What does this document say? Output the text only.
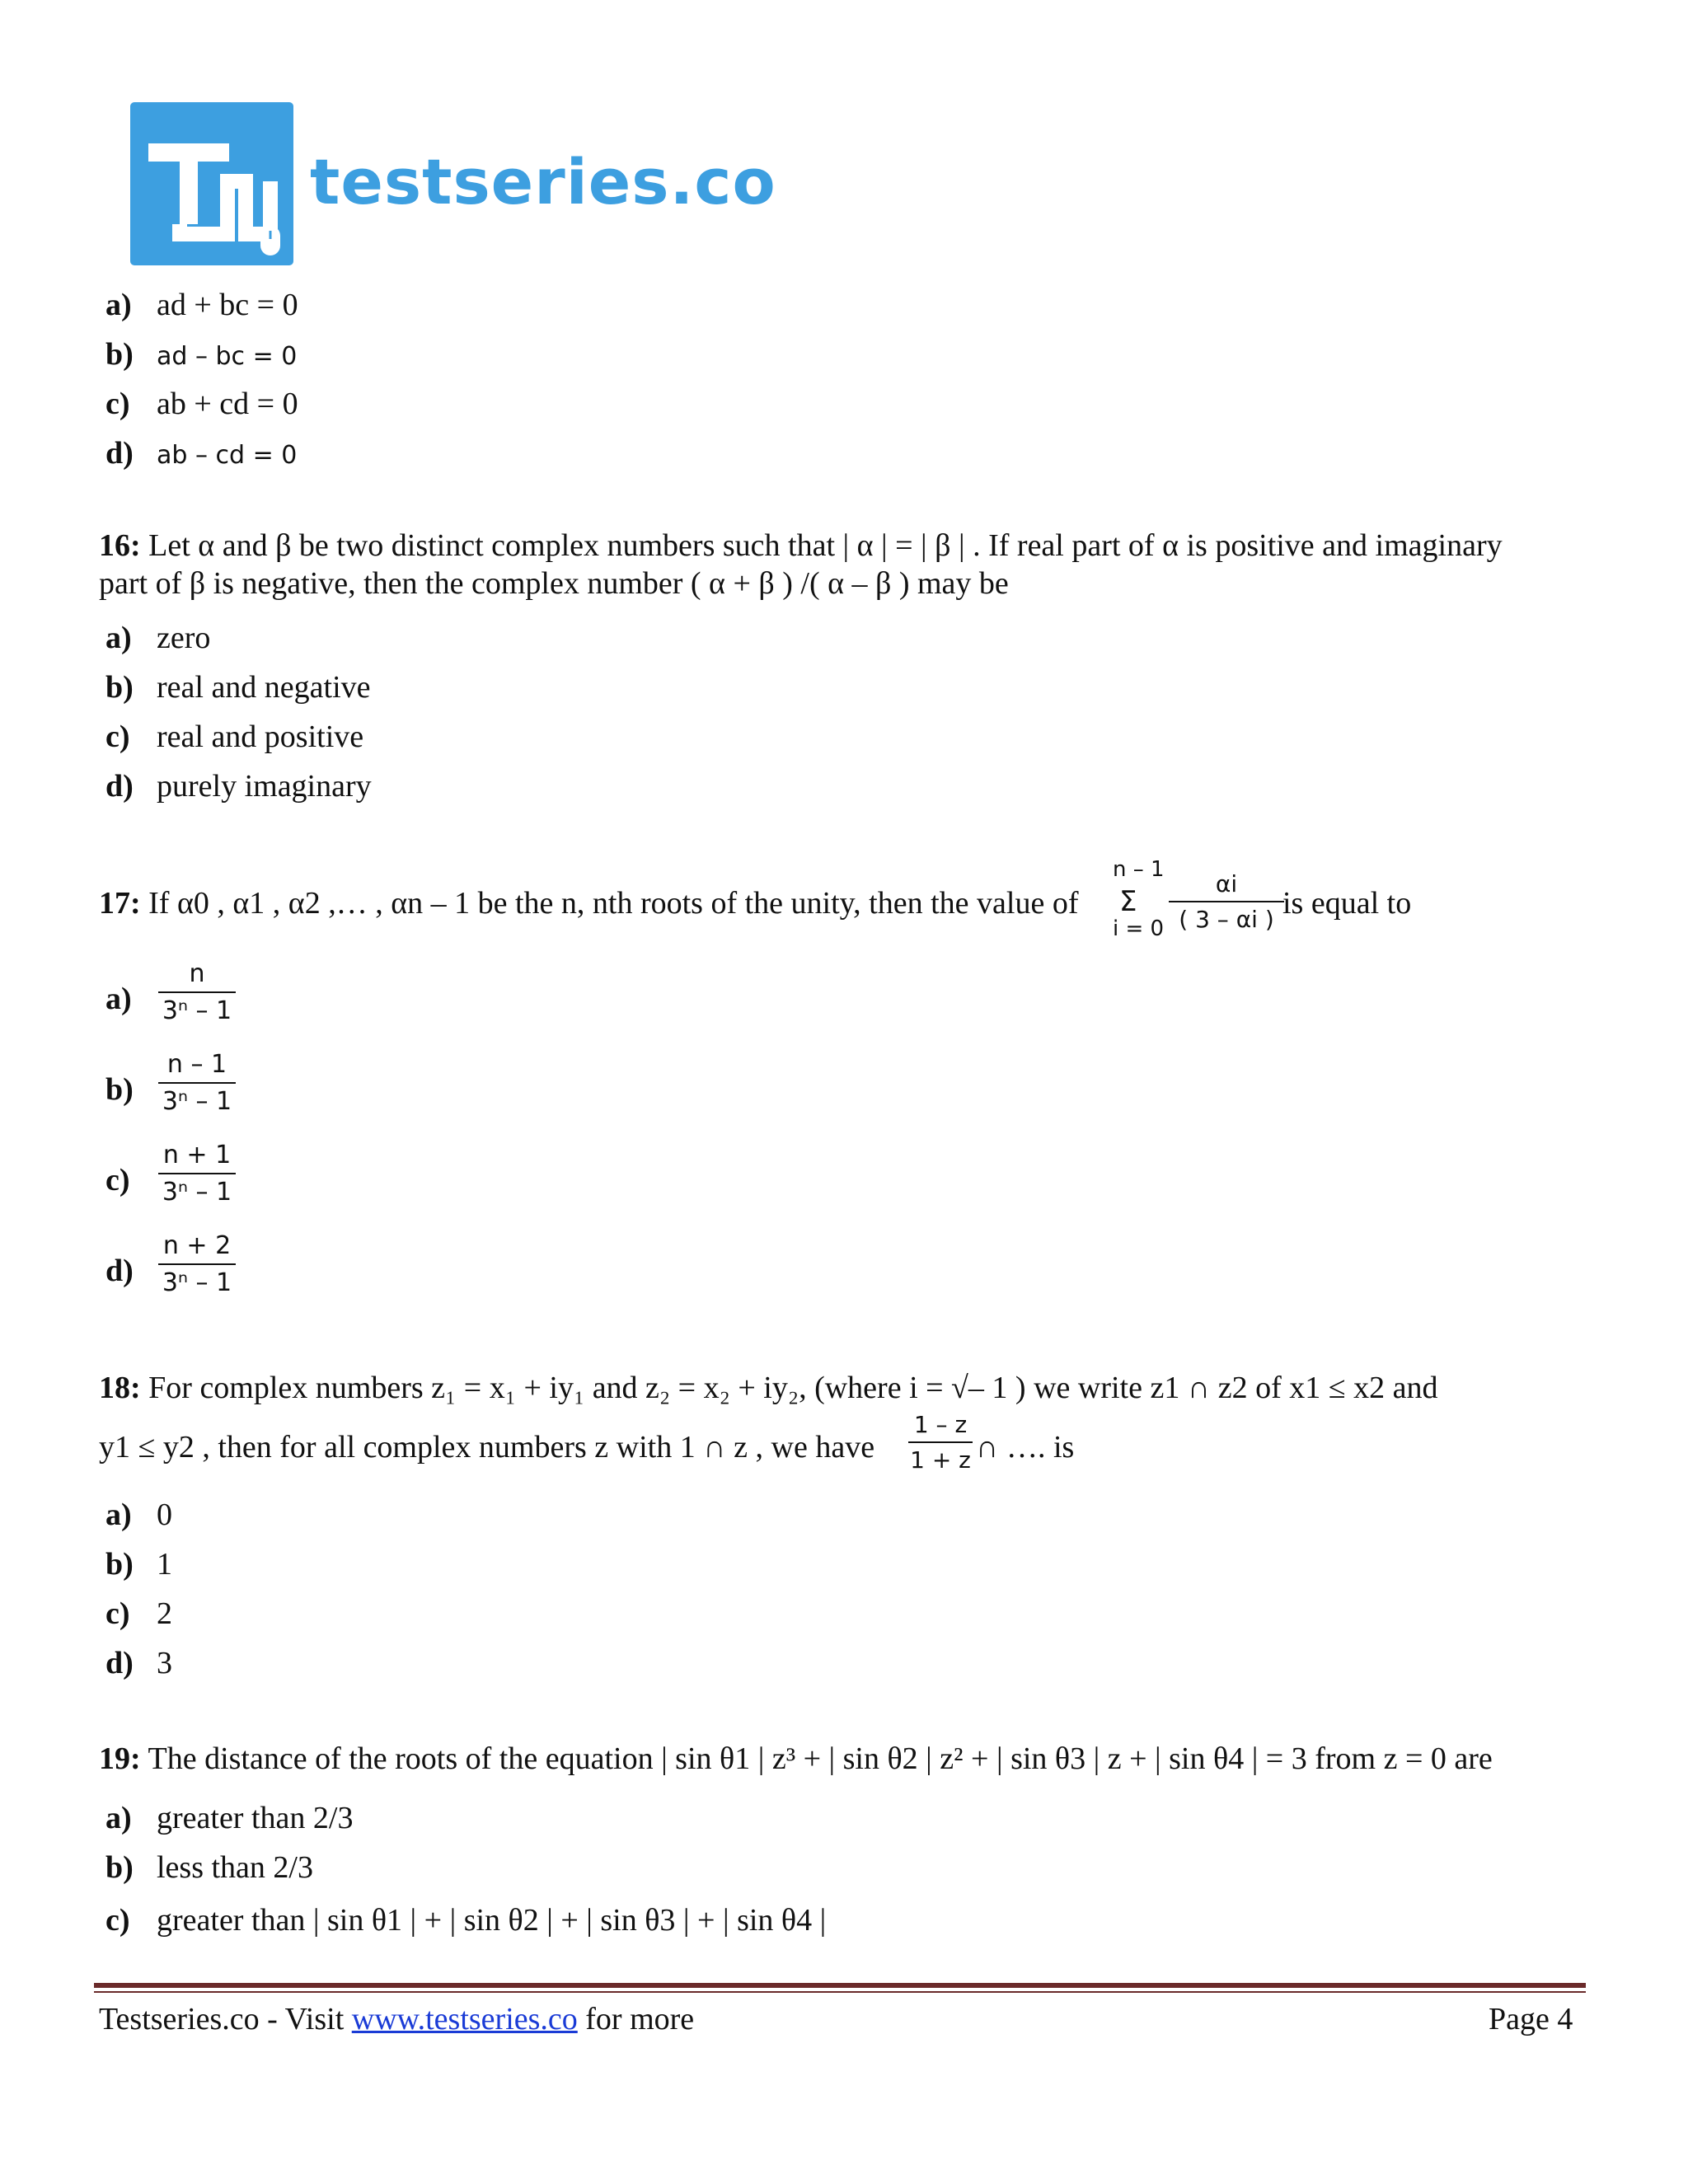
testseries.co
a) ad + bc = 0
b) ad – bc = 0
c) ab + cd = 0
d) ab – cd = 0
16: Let α and β be two distinct complex numbers such that | α | = | β | . If real part of α is positive and imaginary
part of β is negative, then the complex number ( α + β ) /( α – β ) may be
a) zero
b) real and negative
c) real and positive
d) purely imaginary
17: If α0 , α1 , α2 ,… , αn – 1 be the n, nth roots of the unity, then the value of
n – 1
Σ
$i = 0 \frac{\alpha i}{( 3 - \alpha i )}$
is equal to
a)	$\frac{n}{\text{3ⁿ – 1}}$
b)	$\frac{n - 1}{\text{3ⁿ – 1}}$
c)	$\frac{n + 1}{\text{3ⁿ – 1}}$
d)	$\frac{n + 2}{\text{3ⁿ – 1}}$
18: For complex numbers z₁ = x₁ + iy₁ and z₂ = x₂ + iy₂, (where i = √– 1 ) we write z1 ∩ z2 of x1 ≤ x2 and
y1 ≤ y2 , then for all complex numbers z with 1 ∩ z , we have $\frac{1 - z}{1 + z}$ ∩ …. is
a) 0
b) 1
c) 2
d) 3
19: The distance of the roots of the equation | sin θ1 | z³ + | sin θ2 | z² + | sin θ3 | z + | sin θ4 | = 3 from z = 0 are
a) greater than 2/3
b) less than 2/3
c) greater than | sin θ1 | + | sin θ2 | + | sin θ3 | + | sin θ4 |
Testseries.co - Visit www.testseries.co for more	Page 4
